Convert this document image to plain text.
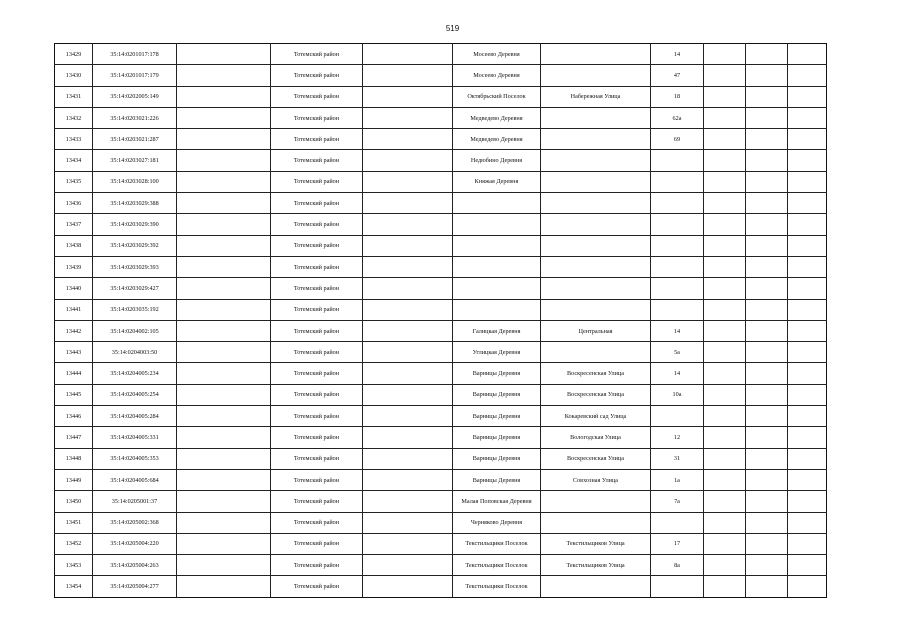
519
13429	35:14:0201017:178		Тотемский район		Мосеево Деревня		14			
13430	35:14:0201017:179		Тотемский район		Мосеево Деревня		47			
13431	35:14:0202005:149		Тотемский район		Октябрьский Поселок	Набережная Улица	18			
13432	35:14:0203021:226		Тотемский район		Медведево Деревня		62а			
13433	35:14:0203021:287		Тотемский район		Медведево Деревня		69			
13434	35:14:0203027:181		Тотемский район		Недюбино Деревня					
13435	35:14:0203028:100		Тотемский район		Княжая Деревня					
13436	35:14:0203029:388		Тотемский район							
13437	35:14:0203029:390		Тотемский район							
13438	35:14:0203029:392		Тотемский район							
13439	35:14:0203029:393		Тотемский район							
13440	35:14:0203029:427		Тотемский район							
13441	35:14:0203035:192		Тотемский район							
13442	35:14:0204002:105		Тотемский район		Галицкая Деревня	Центральная	14			
13443	35:14:0204003:50		Тотемский район		Углицкая Деревня		5а			
13444	35:14:0204005:234		Тотемский район		Варницы Деревня	Воскресенская Улица	14			
13445	35:14:0204005:254		Тотемский район		Варницы Деревня	Воскресенская Улица	10а			
13446	35:14:0204005:284		Тотемский район		Варницы Деревня	Кокаревский сад Улица				
13447	35:14:0204005:331		Тотемский район		Варницы Деревня	Вологодская Улица	12			
13448	35:14:0204005:353		Тотемский район		Варницы Деревня	Воскресенская Улица	31			
13449	35:14:0204005:684		Тотемский район		Варницы Деревня	Совхозная Улица	1а			
13450	35:14:0205001:37		Тотемский район		Малая Поповская Деревня		7а			
13451	35:14:0205002:368		Тотемский район		Черняково Деревня					
13452	35:14:0205004:220		Тотемский район		Текстильщики Поселок	Текстильщиков Улица	17			
13453	35:14:0205004:263		Тотемский район		Текстильщики Поселок	Текстильщиков Улица	8а			
13454	35:14:0205004:277		Тотемский район		Текстильщики Поселок					
